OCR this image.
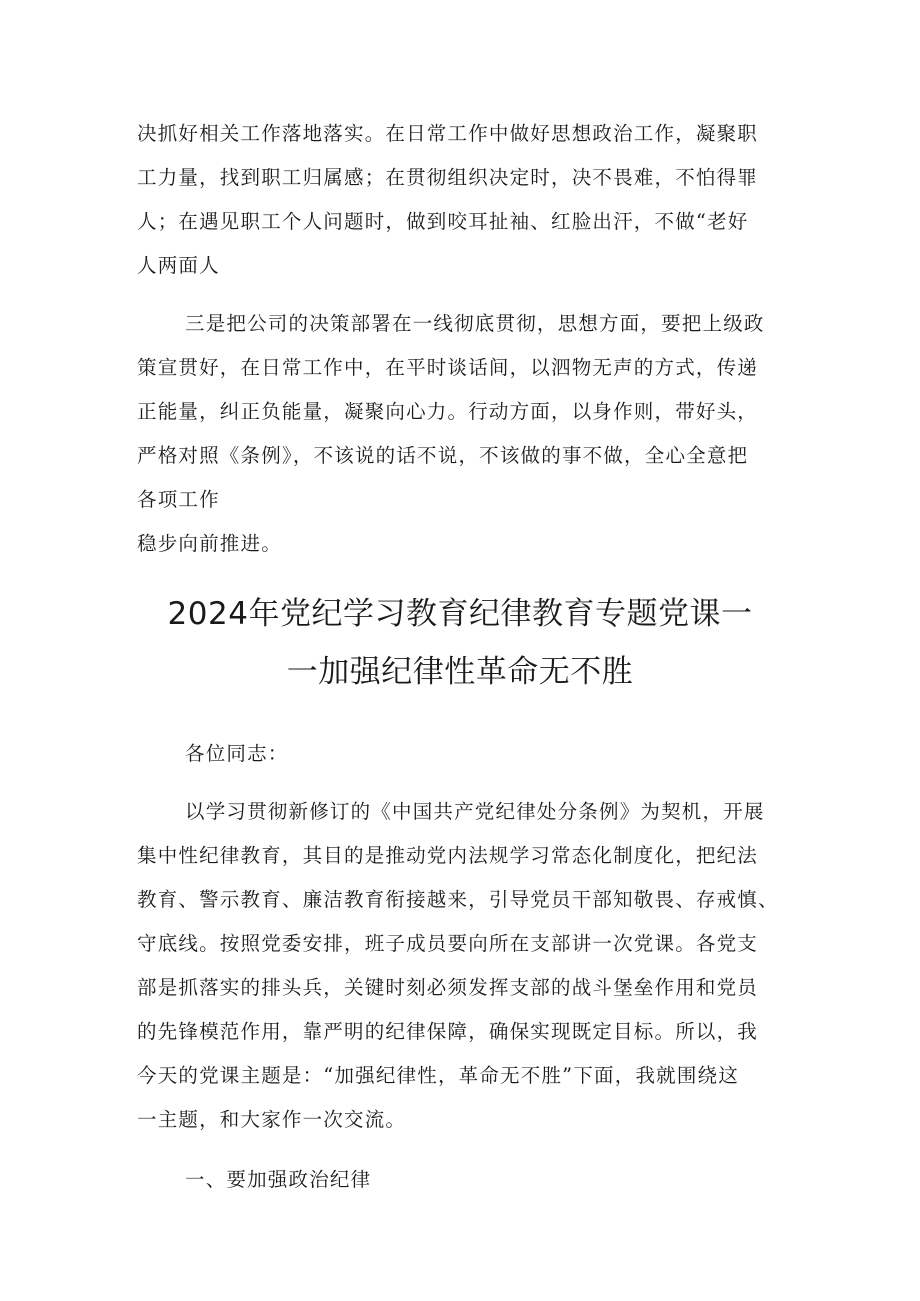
决抓好相关工作落地落实。在日常工作中做好思想政治工作，凝聚职
工力量，找到职工归属感；在贯彻组织决定时，决不畏难，不怕得罪
人；在遇见职工个人问题时，做到咬耳扯袖、红脸出汗，不做“老好
人两面人
三是把公司的决策部署在一线彻底贯彻，思想方面，要把上级政
策宣贯好，在日常工作中，在平时谈话间，以泗物无声的方式，传递
正能量，纠正负能量，凝聚向心力。行动方面，以身作则，带好头，
严格对照《条例》，不该说的话不说，不该做的事不做，全心全意把
各项工作
稳步向前推进。
2024年党纪学习教育纪律教育专题党课一
一加强纪律性革命无不胜
各位同志：
以学习贯彻新修订的《中国共产党纪律处分条例》为契机，开展
集中性纪律教育，其目的是推动党内法规学习常态化制度化，把纪法
教育、警示教育、廉洁教育衔接越来，引导党员干部知敬畏、存戒慎、
守底线。按照党委安排，班子成员要向所在支部讲一次党课。各党支
部是抓落实的排头兵，关键时刻必须发挥支部的战斗堡垒作用和党员
的先锋模范作用，靠严明的纪律保障，确保实现既定目标。所以，我
今天的党课主题是：“加强纪律性，革命无不胜”下面，我就围绕这
一主题，和大家作一次交流。
一、要加强政治纪律
